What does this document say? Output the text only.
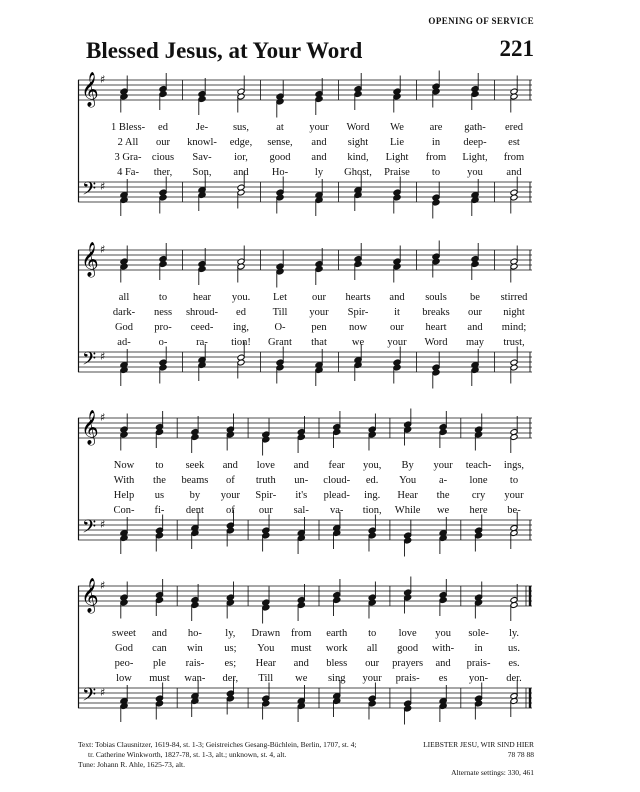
OPENING OF SERVICE
Blessed Jesus, at Your Word	221
𝄞
𝄢
♯
♯
1 Bless- ed	Je- sus,	at your Word We are gath- ered
2 All our knowl- edge, sense, and sight Lie	in deep- est
3 Gra- cious Sav- ior, good and kind, Light from Light, from
4 Fa- ther, Son, and Ho-	ly Ghost, Praise to	you and
𝄞
𝄢
♯
♯
all	to hear you. Let our hearts and souls be stirred
dark- ness shroud- ed	Till your Spir- it breaks our night
God pro- ceed- ing, O- pen now our heart and mind;
ad-	o-	ra- tion! Grant that we your Word may trust,
𝄞
𝄢
♯
♯
Now to seek and love and fear you, By your teach- ings,
With the beams of truth un- cloud- ed. You a- lone to
Help us by your Spir- it's plead- ing. Hear the cry your
Con- fi- dent of our sal- va- tion, While we here be-
𝄞
𝄢
♯
♯
sweet and ho- ly, Drawn from earth to love you sole- ly.
God can win us; You must work all good with- in us.
peo- ple rais- es; Hear and bless our prayers and prais- es.
low must wan- der, Till we sing your prais- es yon- der.
Text: Tobias Clausnitzer, 1619-84, st. 1-3; Geistreiches Gesang-Büchlein, Berlin, 1707, st. 4;
tr. Catherine Winkworth, 1827-78, st. 1-3, alt.; unknown, st. 4, alt.
Tune: Johann R. Ahle, 1625-73, alt.
LIEBSTER JESU, WIR SIND HIER
78 78 88
Alternate settings: 330, 461
